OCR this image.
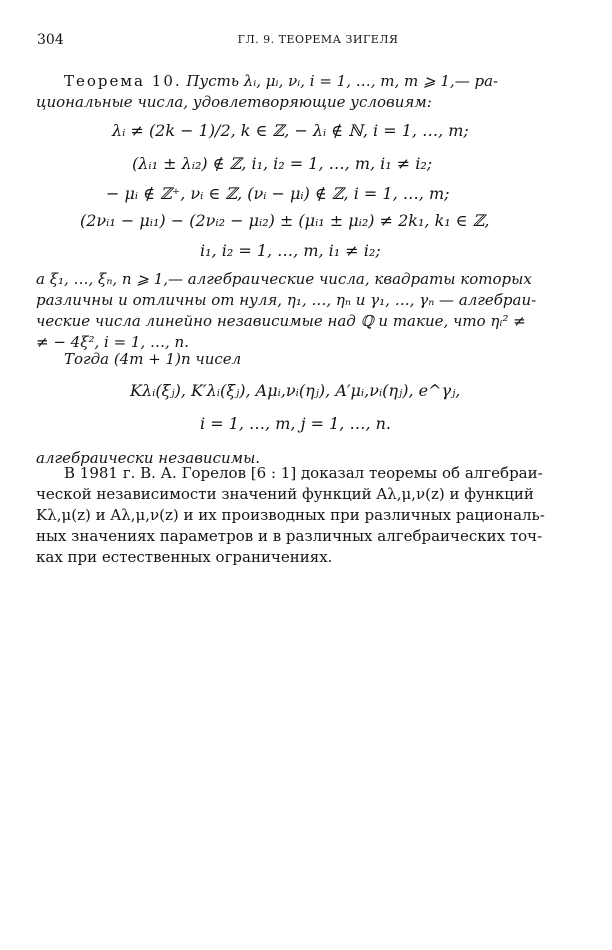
304	ГЛ. 9. ТЕОРЕМА ЗИГЕЛЯ
Теорема 10. Пусть λᵢ, μᵢ, νᵢ, i = 1, …, m, m ⩾ 1,— ра-
циональные числа, удовлетворяющие условиям:
λᵢ ≠ (2k − 1)/2, k ∈ ℤ, − λᵢ ∉ ℕ, i = 1, …, m;
(λᵢ₁ ± λᵢ₂) ∉ ℤ, i₁, i₂ = 1, …, m, i₁ ≠ i₂;
− μᵢ ∉ ℤ⁺, νᵢ ∈ ℤ, (νᵢ − μᵢ) ∉ ℤ, i = 1, …, m;
(2νᵢ₁ − μᵢ₁) − (2νᵢ₂ − μᵢ₂) ± (μᵢ₁ ± μᵢ₂) ≠ 2k₁, k₁ ∈ ℤ,
i₁, i₂ = 1, …, m, i₁ ≠ i₂;
а ξ₁, …, ξₙ, n ⩾ 1,— алгебраические числа, квадраты которых
различны и отличны от нуля, η₁, …, ηₙ и γ₁, …, γₙ — алгебраи-
ческие числа линейно независимые над ℚ и такие, что ηᵢ² ≠
≠ − 4ξ², i = 1, …, n.
Тогда (4m + 1)n чисел
Kλᵢ(ξⱼ), K′λᵢ(ξⱼ), Aμᵢ,νᵢ(ηⱼ), A′μᵢ,νᵢ(ηⱼ), e^γⱼ,
i = 1, …, m, j = 1, …, n.
алгебраически независимы.
В 1981 г. В. А. Горелов [6 : 1] доказал теоремы об алгебраи-
ческой независимости значений функций Aλ,μ,ν(z) и функций
Kλ,μ(z) и Aλ,μ,ν(z) и их производных при различных рациональ-
ных значениях параметров и в различных алгебраических точ-
ках при естественных ограничениях.
